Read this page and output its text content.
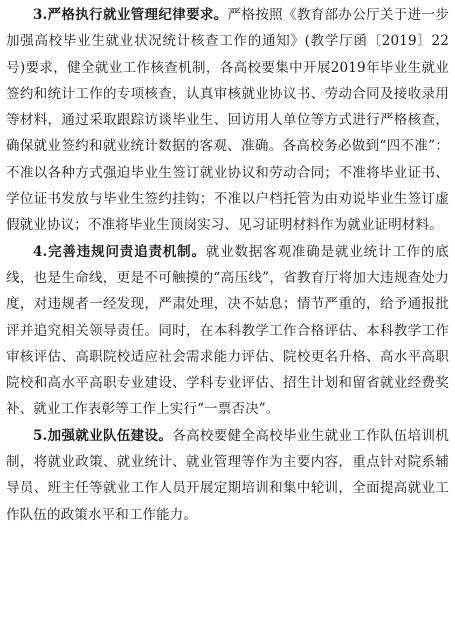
3.严格执行就业管理纪律要求。严格按照《教育部办公厅关于进一步加强高校毕业生就业状况统计核查工作的通知》(教学厅函〔2019〕22号)要求，健全就业工作核查机制，各高校要集中开展2019年毕业生就业签约和统计工作的专项核查，认真审核就业协议书、劳动合同及接收录用等材料，通过采取跟踪访谈毕业生、回访用人单位等方式进行严格核查，确保就业签约和就业统计数据的客观、准确。各高校务必做到“四不准”：不准以各种方式强迫毕业生签订就业协议和劳动合同；不准将毕业证书、学位证书发放与毕业生签约挂钩；不准以户档托管为由劝说毕业生签订虚假就业协议；不准将毕业生顶岗实习、见习证明材料作为就业证明材料。

4.完善违规问责追责机制。就业数据客观准确是就业统计工作的底线，也是生命线，更是不可触摸的“高压线”，省教育厅将加大违规查处力度，对违规者一经发现，严肃处理，决不姑息；情节严重的，给予通报批评并追究相关领导责任。同时，在本科教学工作合格评估、本科教学工作审核评估、高职院校适应社会需求能力评估、院校更名升格、高水平高职院校和高水平高职专业建设、学科专业评估、招生计划和留省就业经费奖补、就业工作表彰等工作上实行“一票否决”。

5.加强就业队伍建设。各高校要健全高校毕业生就业工作队伍培训机制，将就业政策、就业统计、就业管理等作为主要内容，重点针对院系辅导员、班主任等就业工作人员开展定期培训和集中轮训，全面提高就业工作队伍的政策水平和工作能力。
